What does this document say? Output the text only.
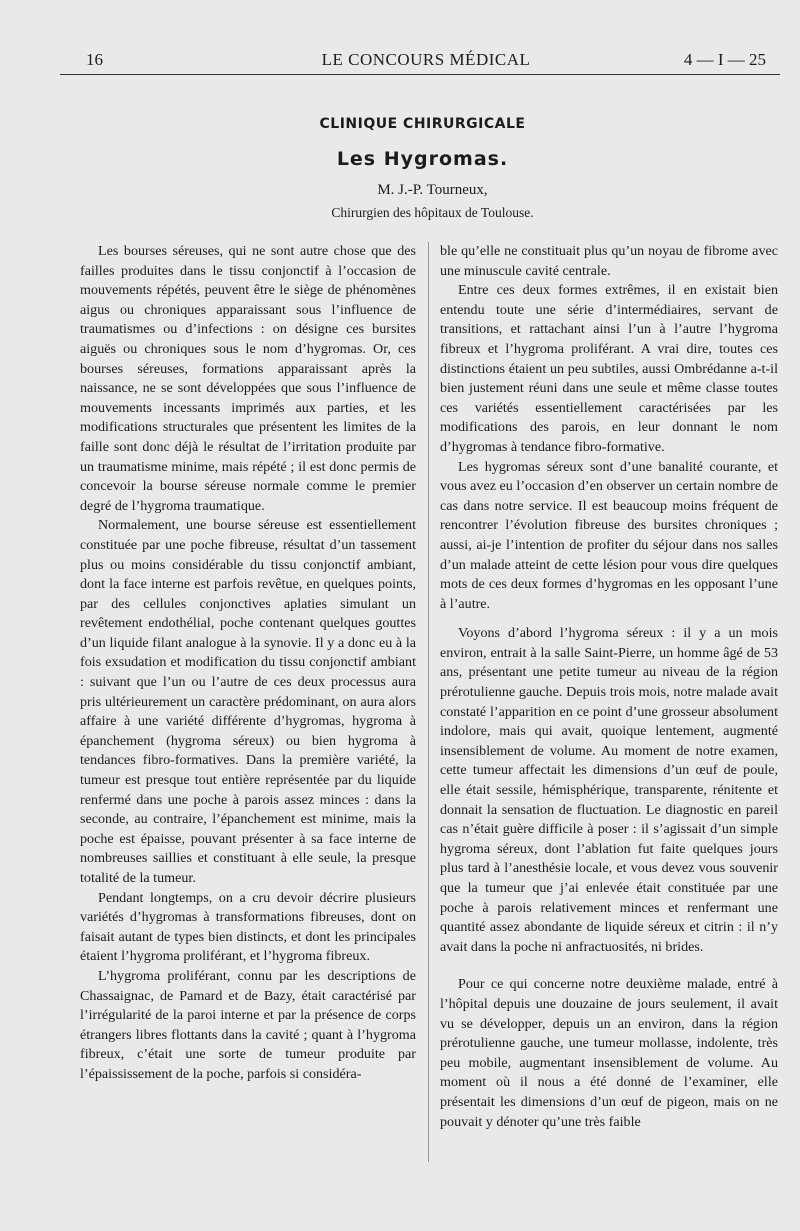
16	LE CONCOURS MÉDICAL	4 — I — 25
CLINIQUE CHIRURGICALE
Les Hygromas.
M. J.-P. Tourneux,
Chirurgien des hôpitaux de Toulouse.

Les bourses séreuses, qui ne sont autre chose que des failles produites dans le tissu conjonctif à l’occasion de mouvements répétés, peuvent être le siège de phénomènes aigus ou chroniques apparaissant sous l’influence de traumatismes ou d’infections : on désigne ces bursites aiguës ou chroniques sous le nom d’hygromas. Or, ces bourses séreuses, formations apparaissant après la naissance, ne se sont développées que sous l’influence de mouvements incessants imprimés aux parties, et les modifications structurales que présentent les limites de la faille sont donc déjà le résultat de l’irritation produite par un traumatisme minime, mais répété ; il est donc permis de concevoir la bourse séreuse normale comme le premier degré de l’hygroma traumatique.

Normalement, une bourse séreuse est essentiellement constituée par une poche fibreuse, résultat d’un tassement plus ou moins considérable du tissu conjonctif ambiant, dont la face interne est parfois revêtue, en quelques points, par des cellules conjonctives aplaties simulant un revêtement endothélial, poche contenant quelques gouttes d’un liquide filant analogue à la synovie. Il y a donc eu à la fois exsudation et modification du tissu conjonctif ambiant : suivant que l’un ou l’autre de ces deux processus aura pris ultérieurement un caractère prédominant, on aura alors affaire à une variété différente d’hygromas, hygroma à épanchement (hygroma séreux) ou bien hygroma à tendances fibro-formatives. Dans la première variété, la tumeur est presque tout entière représentée par du liquide renfermé dans une poche à parois assez minces : dans la seconde, au contraire, l’épanchement est minime, mais la poche est épaisse, pouvant présenter à sa face interne de nombreuses saillies et constituant à elle seule, la presque totalité de la tumeur.

Pendant longtemps, on a cru devoir décrire plusieurs variétés d’hygromas à transformations fibreuses, dont on faisait autant de types bien distincts, et dont les principales étaient l’hygroma proliférant, et l’hygroma fibreux.

L’hygroma proliférant, connu par les descriptions de Chassaignac, de Pamard et de Bazy, était caractérisé par l’irrégularité de la paroi interne et par la présence de corps étrangers libres flottants dans la cavité ; quant à l’hygroma fibreux, c’était une sorte de tumeur produite par l’épaississement de la poche, parfois si considéra-

ble qu’elle ne constituait plus qu’un noyau de fibrome avec une minuscule cavité centrale.

Entre ces deux formes extrêmes, il en existait bien entendu toute une série d’intermédiaires, servant de transitions, et rattachant ainsi l’un à l’autre l’hygroma fibreux et l’hygroma proliférant. A vrai dire, toutes ces distinctions étaient un peu subtiles, aussi Ombrédanne a-t-il bien justement réuni dans une seule et même classe toutes ces variétés essentiellement caractérisées par les modifications des parois, en leur donnant le nom d’hygromas à tendance fibro-formative.

Les hygromas séreux sont d’une banalité courante, et vous avez eu l’occasion d’en observer un certain nombre de cas dans notre service. Il est beaucoup moins fréquent de rencontrer l’évolution fibreuse des bursites chroniques ; aussi, ai-je l’intention de profiter du séjour dans nos salles d’un malade atteint de cette lésion pour vous dire quelques mots de ces deux formes d’hygromas en les opposant l’une à l’autre.

Voyons d’abord l’hygroma séreux : il y a un mois environ, entrait à la salle Saint-Pierre, un homme âgé de 53 ans, présentant une petite tumeur au niveau de la région prérotulienne gauche. Depuis trois mois, notre malade avait constaté l’apparition en ce point d’une grosseur absolument indolore, mais qui avait, quoique lentement, augmenté insensiblement de volume. Au moment de notre examen, cette tumeur affectait les dimensions d’un œuf de poule, elle était sessile, hémisphérique, transparente, rénitente et donnait la sensation de fluctuation. Le diagnostic en pareil cas n’était guère difficile à poser : il s’agissait d’un simple hygroma séreux, dont l’ablation fut faite quelques jours plus tard à l’anesthésie locale, et vous devez vous souvenir que la tumeur que j’ai enlevée était constituée par une poche à parois relativement minces et renfermant une quantité assez abondante de liquide séreux et citrin : il n’y avait dans la poche ni anfractuosités, ni brides.

Pour ce qui concerne notre deuxième malade, entré à l’hôpital depuis une douzaine de jours seulement, il avait vu se développer, depuis un an environ, dans la région prérotulienne gauche, une tumeur mollasse, indolente, très peu mobile, augmentant insensiblement de volume. Au moment où il nous a été donné de l’examiner, elle présentait les dimensions d’un œuf de pigeon, mais on ne pouvait y dénoter qu’une très faible
